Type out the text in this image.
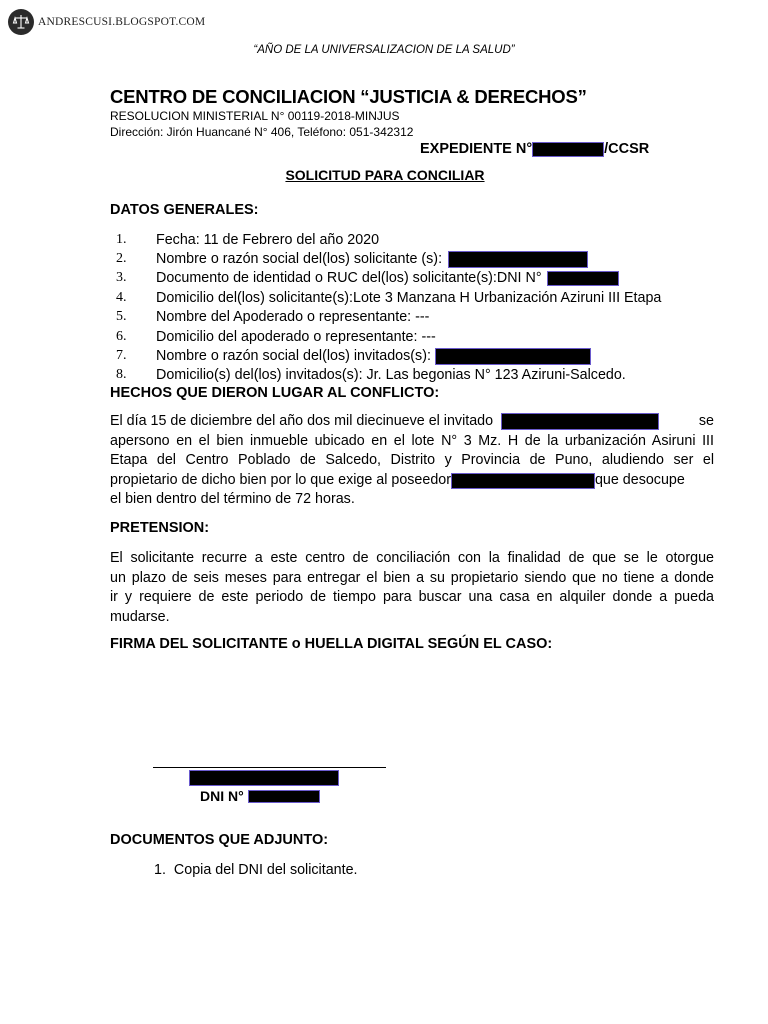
ANDRESCUSI.BLOGSPOT.COM
“AÑO DE LA UNIVERSALIZACION DE LA SALUD”
CENTRO DE CONCILIACION “JUSTICIA & DERECHOS”
RESOLUCION MINISTERIAL N° 00119-2018-MINJUS
Dirección: Jirón Huancané N° 406, Teléfono: 051-342312
EXPEDIENTE N°	/CCSR
SOLICITUD PARA CONCILIAR
DATOS GENERALES:
1.	Fecha: 11 de Febrero del año 2020
2.	Nombre o razón social del(los) solicitante (s):
3.	Documento de identidad o RUC del(los) solicitante(s):DNI N°
4.	Domicilio del(los) solicitante(s):Lote 3 Manzana H Urbanización Aziruni III Etapa
5.	Nombre del Apoderado o representante: ---
6.	Domicilio del apoderado o representante: ---
7.	Nombre o razón social del(los) invitados(s):
8.	Domicilio(s) del(los) invitados(s): Jr. Las begonias N° 123 Aziruni-Salcedo.
HECHOS QUE DIERON LUGAR AL CONFLICTO:
El día 15 de diciembre del año dos mil diecinueve el invitado	se
apersono en el bien inmueble ubicado en el lote N° 3 Mz. H de la urbanización Asiruni III
Etapa del Centro Poblado de Salcedo, Distrito y Provincia de Puno, aludiendo ser el
propietario de dicho bien por lo que exige al poseedor	que desocupe
el bien dentro del término de 72 horas.
PRETENSION:
El solicitante recurre a este centro de conciliación con la finalidad de que se le otorgue
un plazo de seis meses para entregar el bien a su propietario siendo que no tiene a donde
ir y requiere de este periodo de tiempo para buscar una casa en alquiler donde a pueda
mudarse.
FIRMA DEL SOLICITANTE o HUELLA DIGITAL SEGÚN EL CASO:
DNI N°
DOCUMENTOS QUE ADJUNTO:
1. Copia del DNI del solicitante.
